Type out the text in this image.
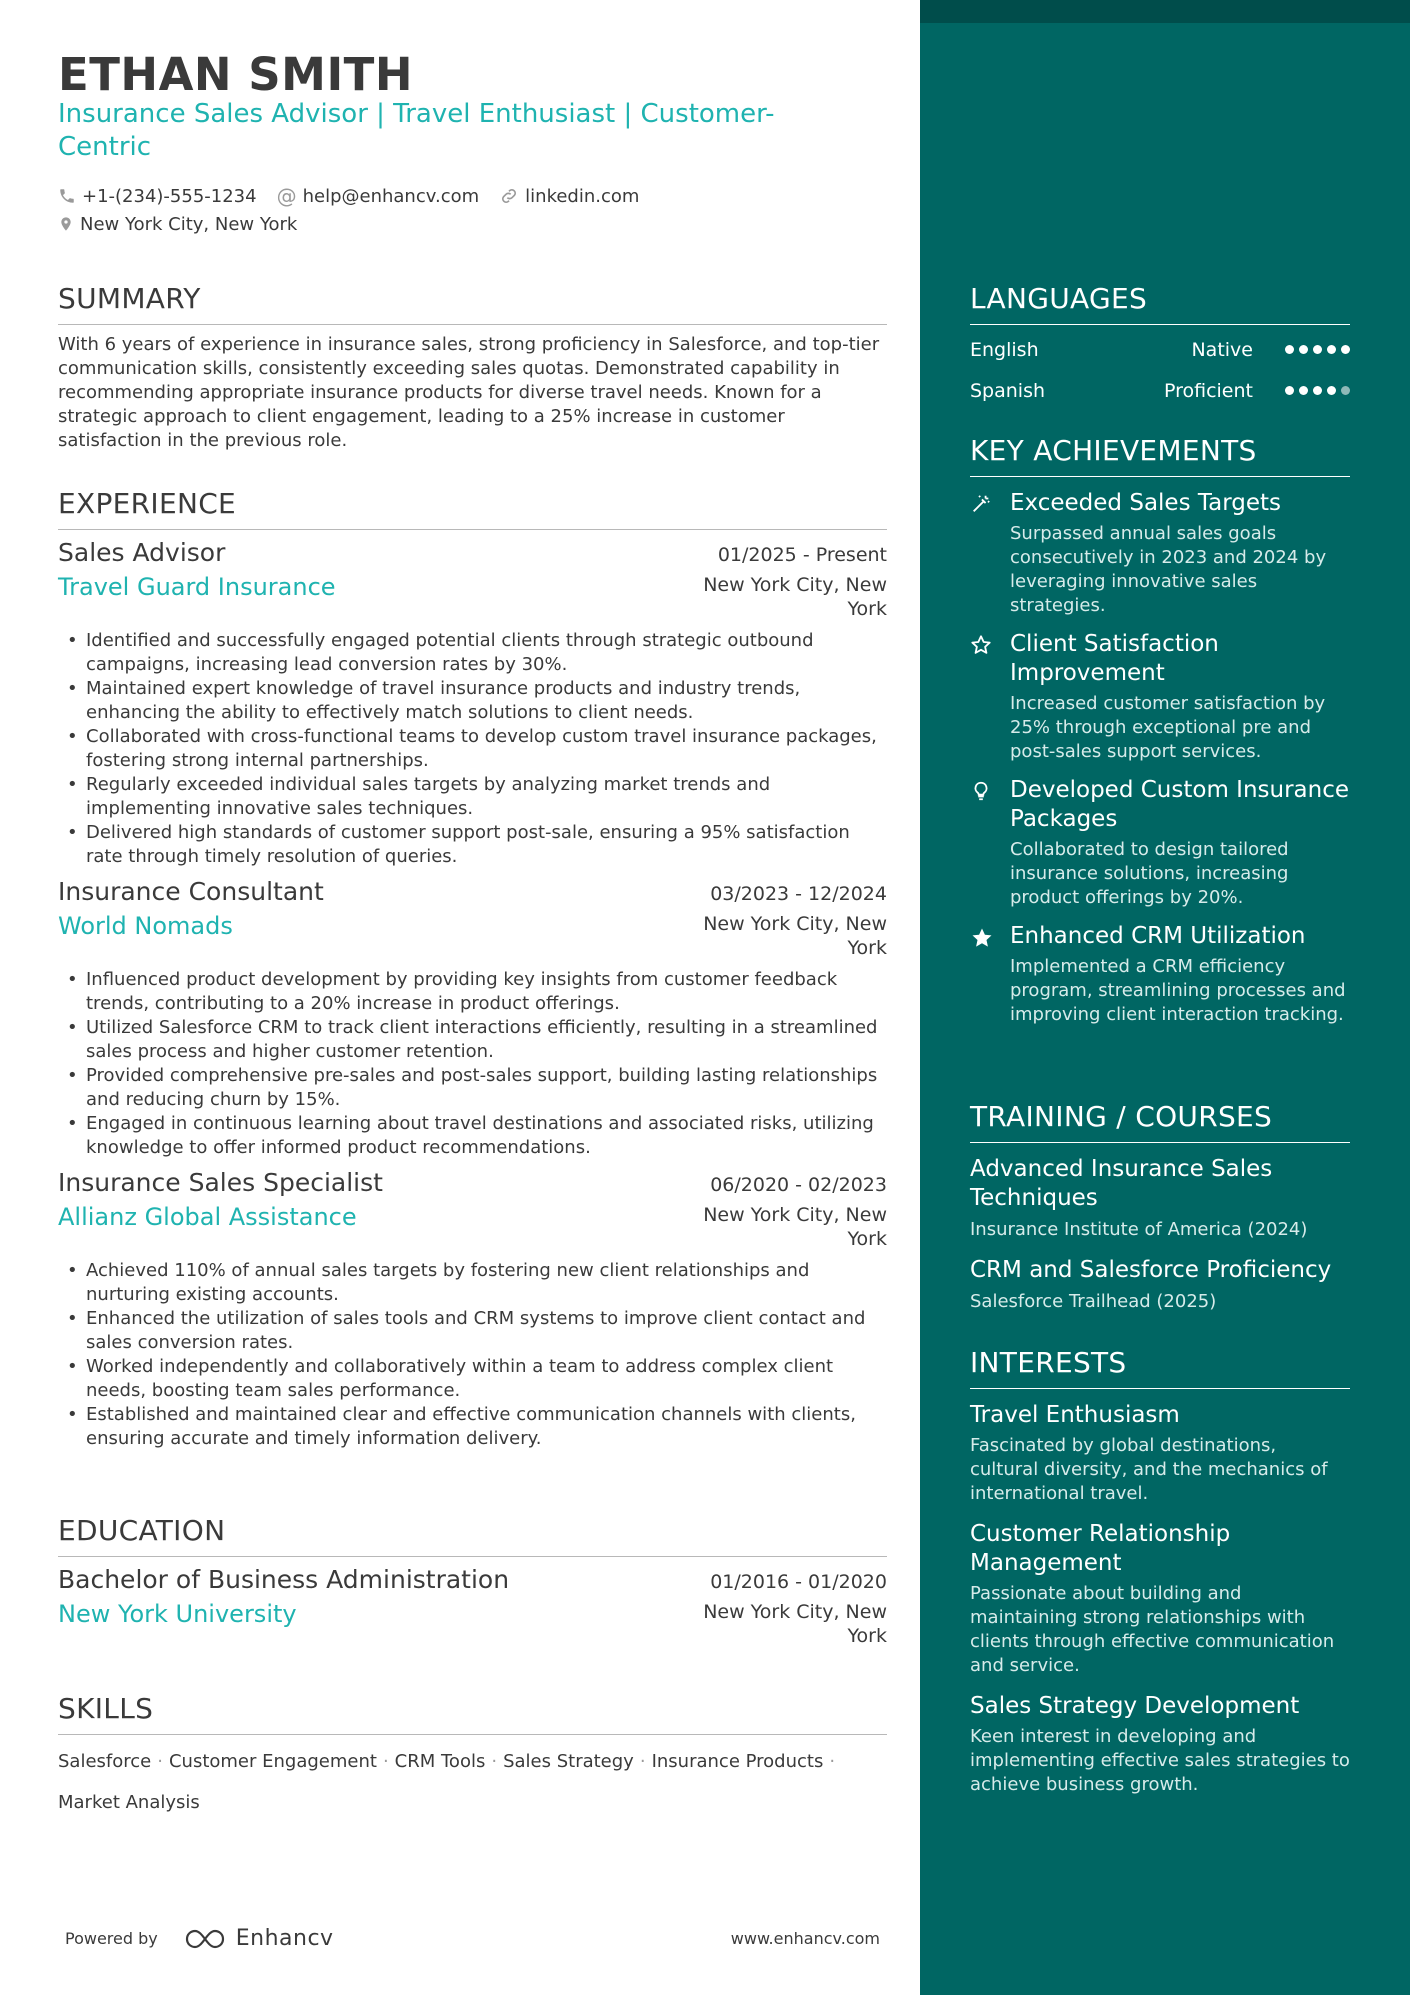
ETHAN SMITH
Insurance Sales Advisor | Travel Enthusiast | Customer-Centric
+1-(234)-555-1234 @ help@enhancv.com	linkedin.com
New York City, New York
SUMMARY
With 6 years of experience in insurance sales, strong proficiency in Salesforce, and top-tier communication skills, consistently exceeding sales quotas. Demonstrated capability in recommending appropriate insurance products for diverse travel needs. Known for a strategic approach to client engagement, leading to a 25% increase in customer satisfaction in the previous role.
EXPERIENCE
Sales Advisor	01/2025 - Present
Travel Guard Insurance	New York City, New York
• Identified and successfully engaged potential clients through strategic outbound campaigns, increasing lead conversion rates by 30%.
• Maintained expert knowledge of travel insurance products and industry trends, enhancing the ability to effectively match solutions to client needs.
• Collaborated with cross-functional teams to develop custom travel insurance packages, fostering strong internal partnerships.
• Regularly exceeded individual sales targets by analyzing market trends and implementing innovative sales techniques.
• Delivered high standards of customer support post-sale, ensuring a 95% satisfaction rate through timely resolution of queries.
Insurance Consultant	03/2023 - 12/2024
World Nomads	New York City, New York
• Influenced product development by providing key insights from customer feedback trends, contributing to a 20% increase in product offerings.
• Utilized Salesforce CRM to track client interactions efficiently, resulting in a streamlined sales process and higher customer retention.
• Provided comprehensive pre-sales and post-sales support, building lasting relationships and reducing churn by 15%.
• Engaged in continuous learning about travel destinations and associated risks, utilizing knowledge to offer informed product recommendations.
Insurance Sales Specialist	06/2020 - 02/2023
Allianz Global Assistance	New York City, New York
• Achieved 110% of annual sales targets by fostering new client relationships and nurturing existing accounts.
• Enhanced the utilization of sales tools and CRM systems to improve client contact and sales conversion rates.
• Worked independently and collaboratively within a team to address complex client needs, boosting team sales performance.
• Established and maintained clear and effective communication channels with clients, ensuring accurate and timely information delivery.
EDUCATION
Bachelor of Business Administration	01/2016 - 01/2020
New York University	New York City, New York
SKILLS
Salesforce · Customer Engagement · CRM Tools · Sales Strategy · Insurance Products ·
Market Analysis
Powered by	Enhancv	www.enhancv.com
LANGUAGES
English	Native
Spanish	Proficient
KEY ACHIEVEMENTS
Exceeded Sales Targets
Surpassed annual sales goals consecutively in 2023 and 2024 by leveraging innovative sales strategies.
Client Satisfaction Improvement
Increased customer satisfaction by 25% through exceptional pre and post-sales support services.
Developed Custom Insurance Packages
Collaborated to design tailored insurance solutions, increasing product offerings by 20%.
Enhanced CRM Utilization
Implemented a CRM efficiency program, streamlining processes and improving client interaction tracking.
TRAINING / COURSES
Advanced Insurance Sales Techniques
Insurance Institute of America (2024)
CRM and Salesforce Proficiency
Salesforce Trailhead (2025)
INTERESTS
Travel Enthusiasm
Fascinated by global destinations, cultural diversity, and the mechanics of international travel.
Customer Relationship Management
Passionate about building and maintaining strong relationships with clients through effective communication and service.
Sales Strategy Development
Keen interest in developing and implementing effective sales strategies to achieve business growth.
